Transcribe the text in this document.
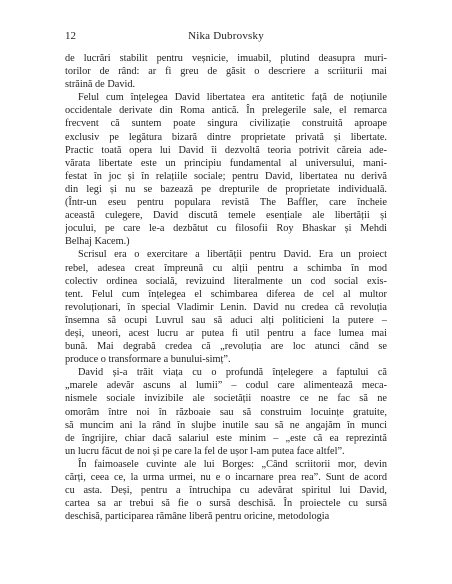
12	Nika Dubrovsky
de lucrări stabilit pentru veșnicie, imuabil, plutind deasupra muri-
torilor de rând: ar fi greu de găsit o descriere a scriiturii mai
străină de David.
Felul cum înțelegea David libertatea era antitetic față de noțiunile
occidentale derivate din Roma antică. În prelegerile sale, el remarca
frecvent că suntem poate singura civilizație construită aproape
exclusiv pe legătura bizară dintre proprietate privată și libertate.
Practic toată opera lui David îi dezvoltă teoria potrivit căreia ade-
vărata libertate este un principiu fundamental al universului, mani-
festat în joc și în relațiile sociale; pentru David, libertatea nu derivă
din legi și nu se bazează pe drepturile de proprietate individuală.
(Într-un eseu pentru populara revistă The Baffler, care încheie
această culegere, David discută temele esențiale ale libertății și
jocului, pe care le-a dezbătut cu filosofii Roy Bhaskar și Mehdi
Belhaj Kacem.)
Scrisul era o exercitare a libertății pentru David. Era un proiect
rebel, adesea creat împreună cu alții pentru a schimba în mod
colectiv ordinea socială, revizuind literalmente un cod social exis-
tent. Felul cum înțelegea el schimbarea diferea de cel al multor
revoluționari, în special Vladimir Lenin. David nu credea că revoluția
însemna să ocupi Luvrul sau să aduci alți politicieni la putere –
deși, uneori, acest lucru ar putea fi util pentru a face lumea mai
bună. Mai degrabă credea că „revoluția are loc atunci când se
produce o transformare a bunului-simț”.
David și-a trăit viața cu o profundă înțelegere a faptului că
„marele adevăr ascuns al lumii” – codul care alimentează meca-
nismele sociale invizibile ale societății noastre ce ne fac să ne
omorâm între noi în războaie sau să construim locuințe gratuite,
să muncim ani la rând în slujbe inutile sau să ne angajăm în munci
de îngrijire, chiar dacă salariul este minim – „este că ea reprezintă
un lucru făcut de noi și pe care la fel de ușor l-am putea face altfel”.
În faimoasele cuvinte ale lui Borges: „Când scriitorii mor, devin
cărți, ceea ce, la urma urmei, nu e o incarnare prea rea”. Sunt de acord
cu asta. Deși, pentru a întruchipa cu adevărat spiritul lui David,
cartea sa ar trebui să fie o sursă deschisă. În proiectele cu sursă
deschisă, participarea rămâne liberă pentru oricine, metodologia
